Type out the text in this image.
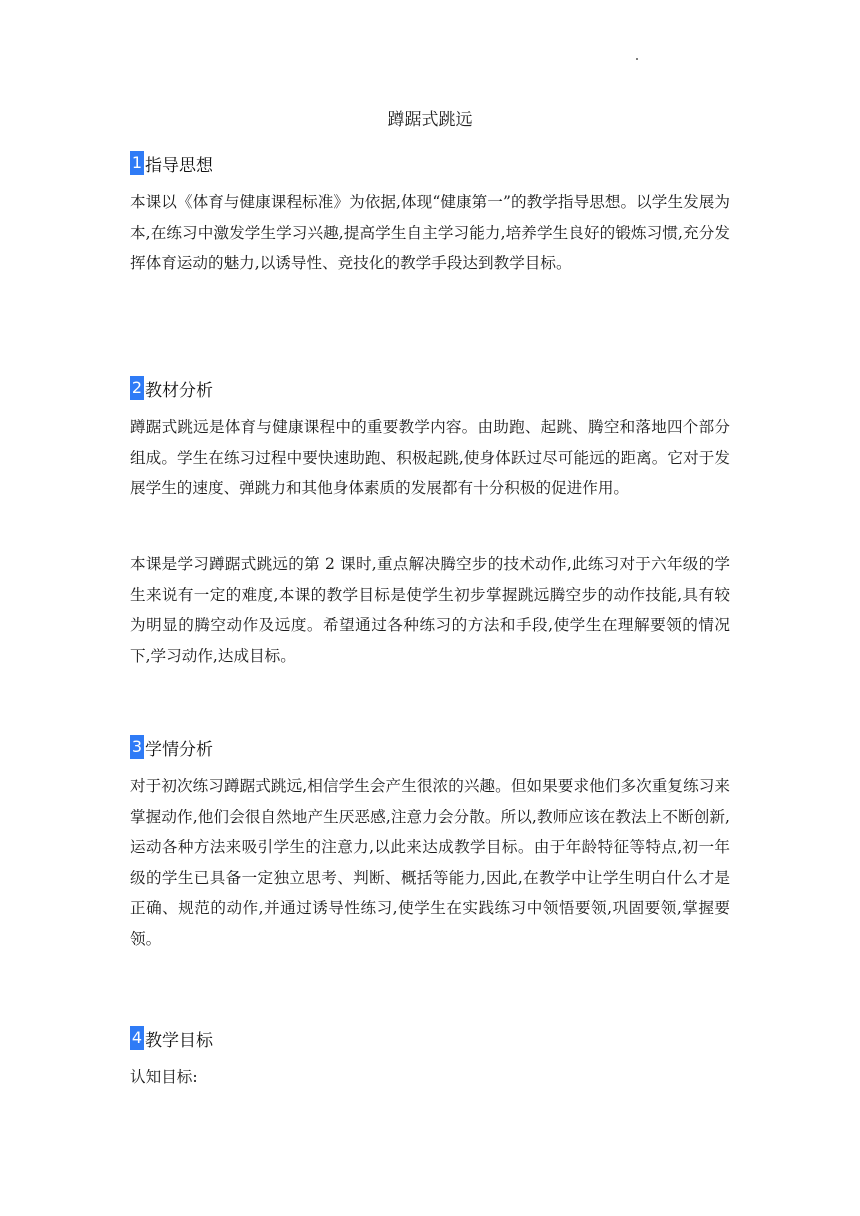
蹲踞式跳远
1 指导思想

本课以《体育与健康课程标准》为依据,体现“健康第一”的教学指导思想。以学生发展为本,在练习中激发学生学习兴趣,提高学生自主学习能力,培养学生良好的锻炼习惯,充分发挥体育运动的魅力,以诱导性、竞技化的教学手段达到教学目标。

2 教材分析

蹲踞式跳远是体育与健康课程中的重要教学内容。由助跑、起跳、腾空和落地四个部分组成。学生在练习过程中要快速助跑、积极起跳,使身体跃过尽可能远的距离。它对于发展学生的速度、弹跳力和其他身体素质的发展都有十分积极的促进作用。

本课是学习蹲踞式跳远的第 2 课时,重点解决腾空步的技术动作,此练习对于六年级的学生来说有一定的难度,本课的教学目标是使学生初步掌握跳远腾空步的动作技能,具有较为明显的腾空动作及远度。希望通过各种练习的方法和手段,使学生在理解要领的情况下,学习动作,达成目标。

3 学情分析

对于初次练习蹲踞式跳远,相信学生会产生很浓的兴趣。但如果要求他们多次重复练习来掌握动作,他们会很自然地产生厌恶感,注意力会分散。所以,教师应该在教法上不断创新,运动各种方法来吸引学生的注意力,以此来达成教学目标。由于年龄特征等特点,初一年级的学生已具备一定独立思考、判断、概括等能力,因此,在教学中让学生明白什么才是正确、规范的动作,并通过诱导性练习,使学生在实践练习中领悟要领,巩固要领,掌握要领。

4 教学目标

认知目标:
